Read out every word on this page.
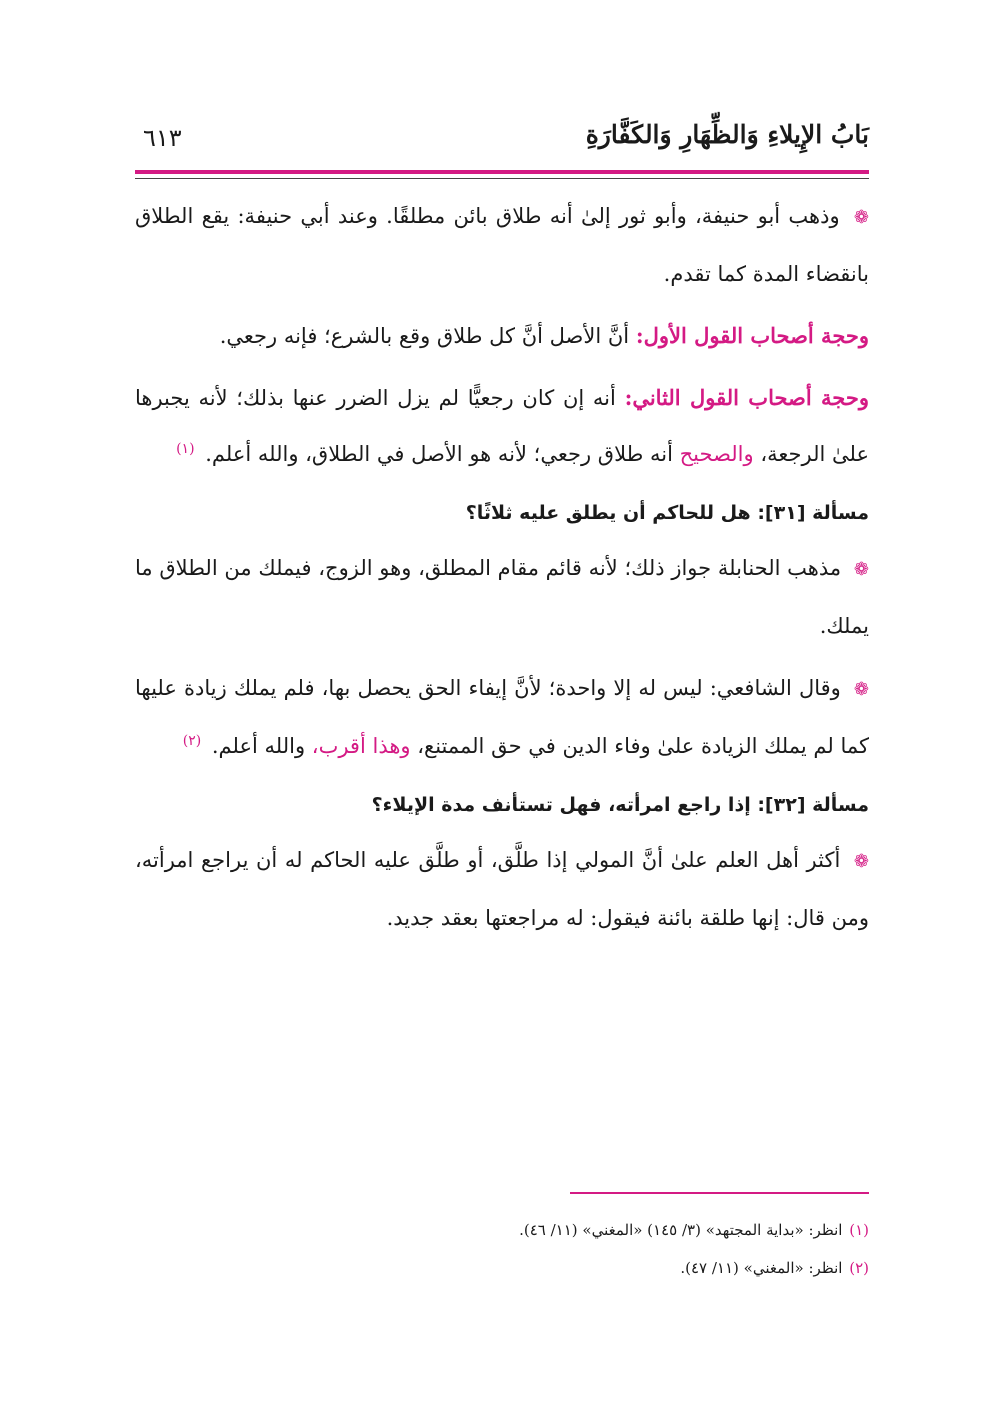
بَابُ الإِيلاءِ وَالظِّهَارِ وَالكَفَّارَةِ
٦١٣

❁ وذهب أبو حنيفة، وأبو ثور إلىٰ أنه طلاق بائن مطلقًا. وعند أبي حنيفة: يقع الطلاق بانقضاء المدة كما تقدم.

وحجة أصحاب القول الأول: أنَّ الأصل أنَّ كل طلاق وقع بالشرع؛ فإنه رجعي.

وحجة أصحاب القول الثاني: أنه إن كان رجعيًّا لم يزل الضرر عنها بذلك؛ لأنه يجبرها علىٰ الرجعة، والصحيح أنه طلاق رجعي؛ لأنه هو الأصل في الطلاق، والله أعلم. $^{(١)}$

مسألة [٣١]: هل للحاكم أن يطلق عليه ثلاثًا؟

❁ مذهب الحنابلة جواز ذلك؛ لأنه قائم مقام المطلق، وهو الزوج، فيملك من الطلاق ما يملك.

❁ وقال الشافعي: ليس له إلا واحدة؛ لأنَّ إيفاء الحق يحصل بها، فلم يملك زيادة عليها كما لم يملك الزيادة علىٰ وفاء الدين في حق الممتنع، وهذا أقرب، والله أعلم. $^{(٢)}$

مسألة [٣٢]: إذا راجع امرأته، فهل تستأنف مدة الإيلاء؟

❁ أكثر أهل العلم علىٰ أنَّ المولي إذا طلَّق، أو طلَّق عليه الحاكم له أن يراجع امرأته، ومن قال: إنها طلقة بائنة فيقول: له مراجعتها بعقد جديد.

(١) انظر: «بداية المجتهد» (٣/ ١٤٥) «المغني» (١١/ ٤٦).

(٢) انظر: «المغني» (١١/ ٤٧).
